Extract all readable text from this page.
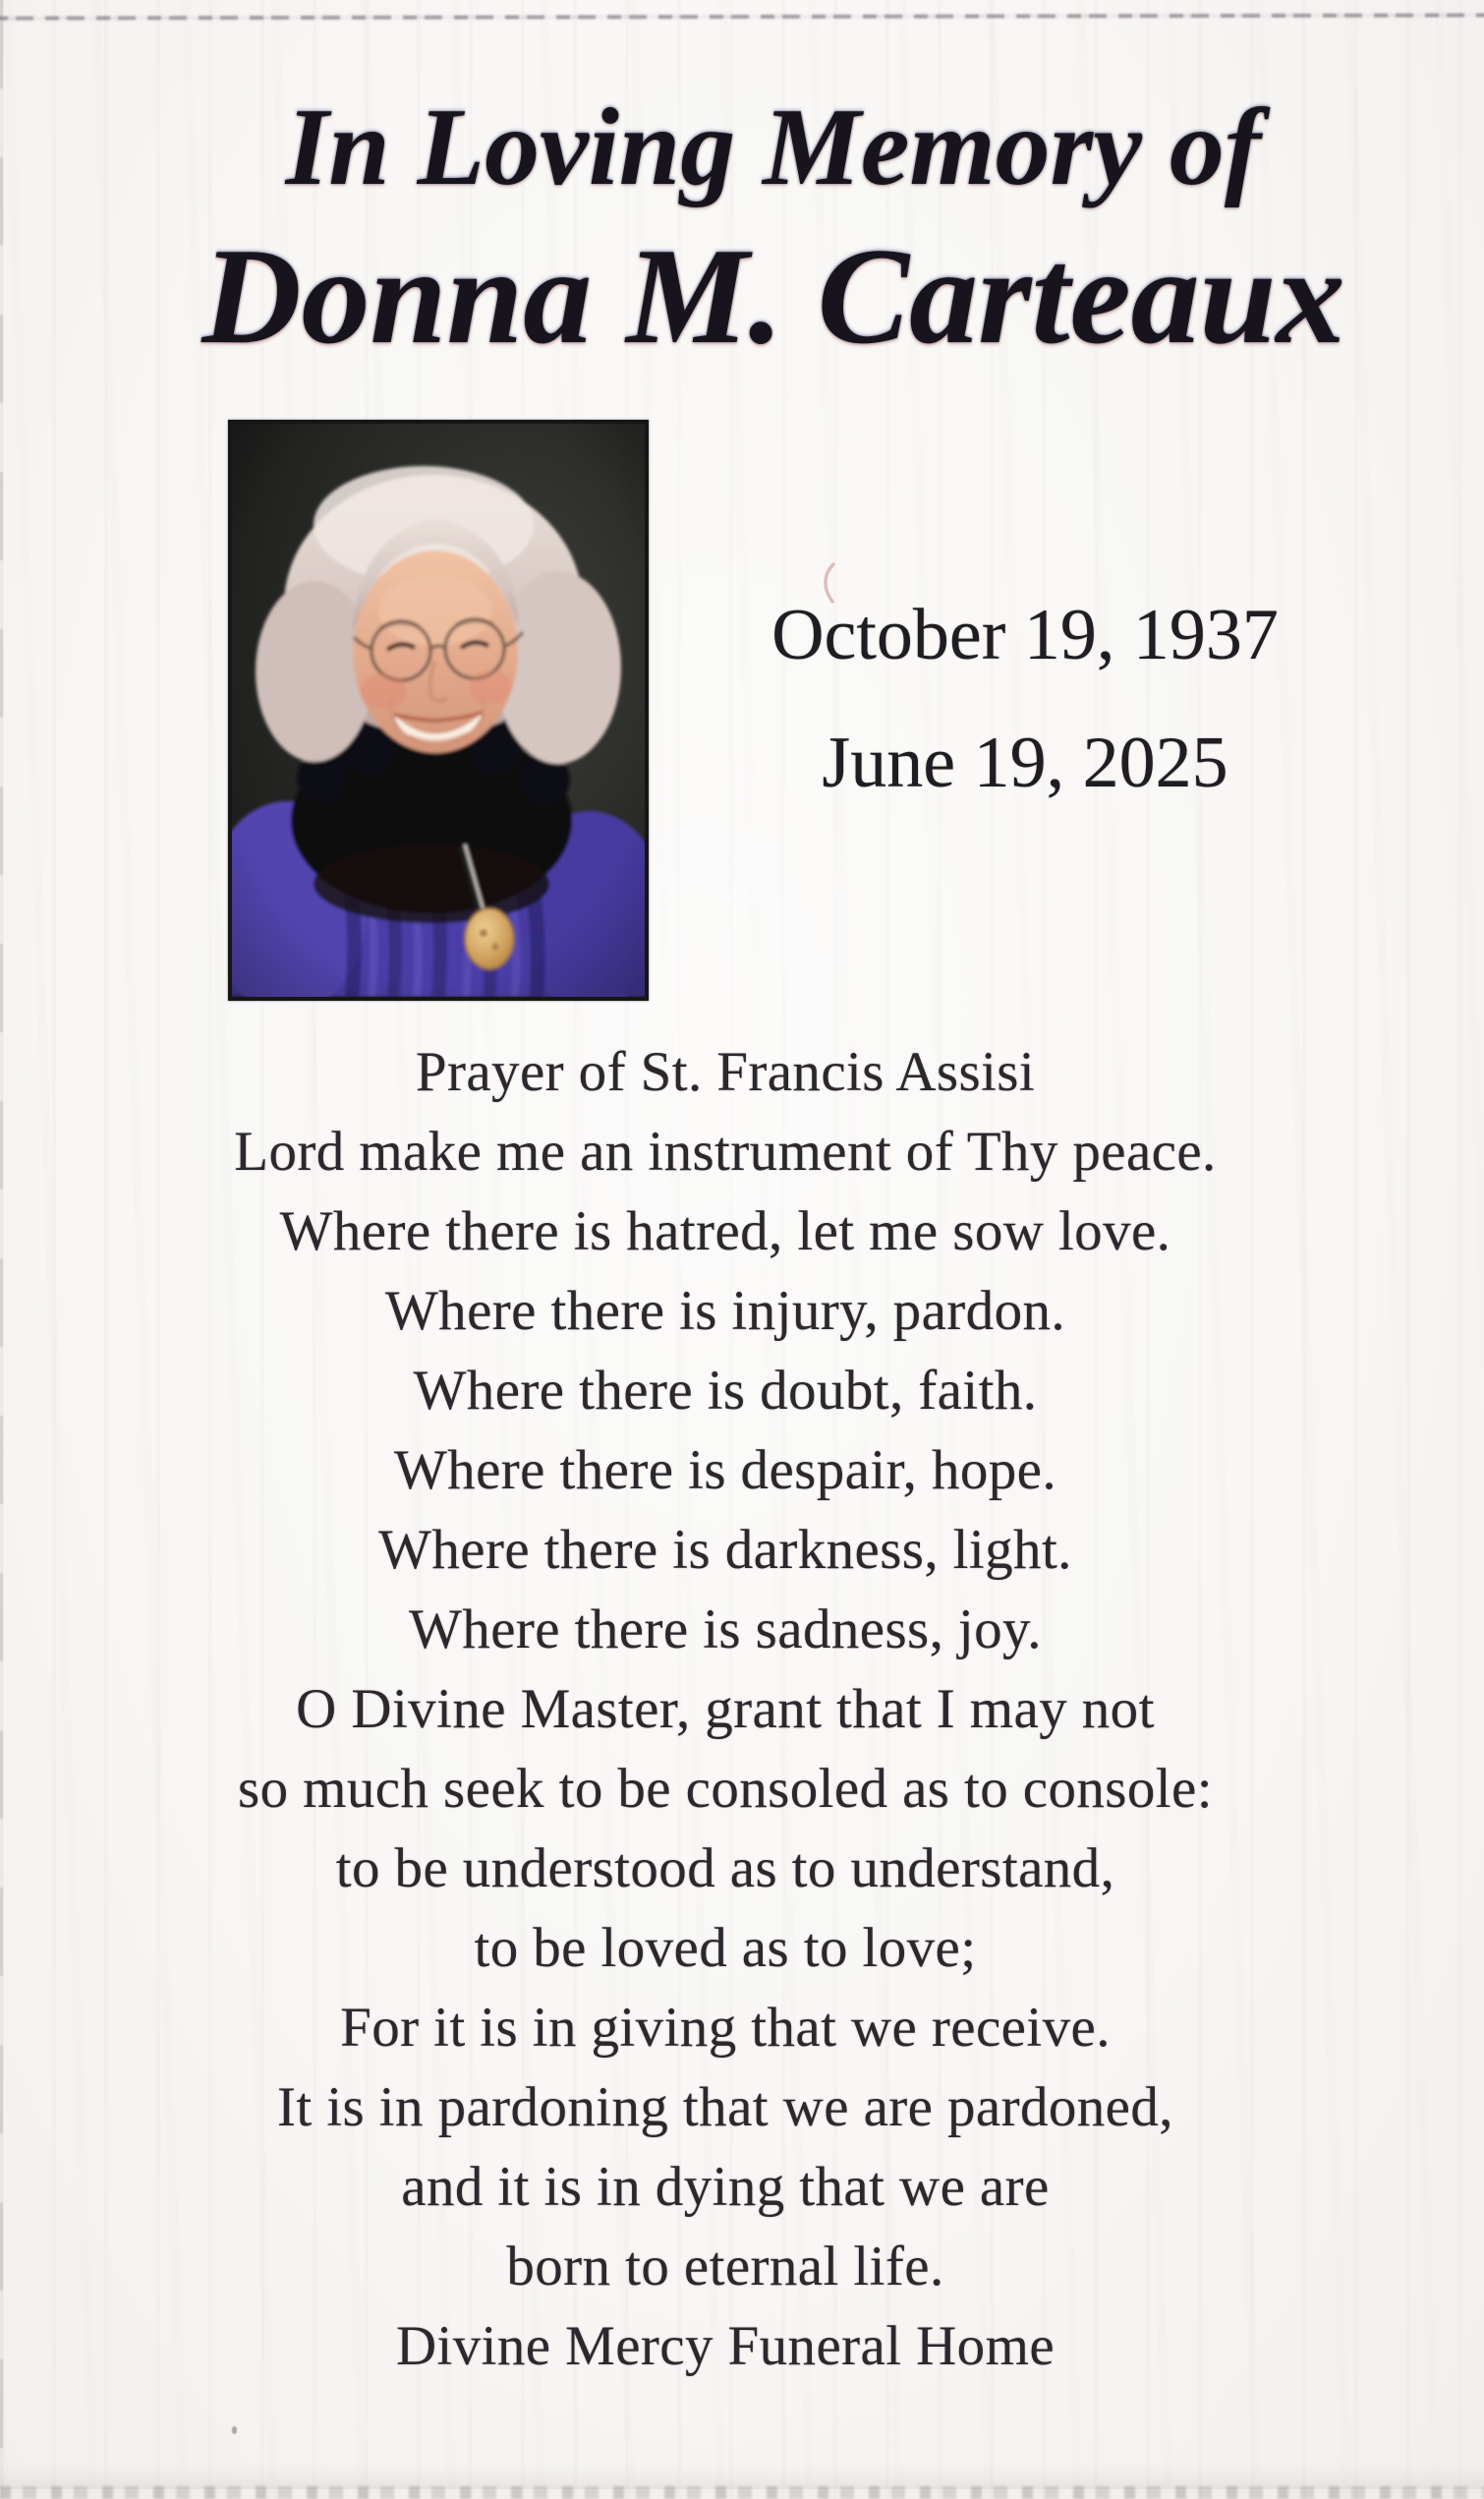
In Loving Memory of
Donna M. Carteaux
October 19, 1937
June 19, 2025
Prayer of St. Francis Assisi
Lord make me an instrument of Thy peace.
Where there is hatred, let me sow love.
Where there is injury, pardon.
Where there is doubt, faith.
Where there is despair, hope.
Where there is darkness, light.
Where there is sadness, joy.
O Divine Master, grant that I may not
so much seek to be consoled as to console:
to be understood as to understand,
to be loved as to love;
For it is in giving that we receive.
It is in pardoning that we are pardoned,
and it is in dying that we are
born to eternal life.
Divine Mercy Funeral Home
